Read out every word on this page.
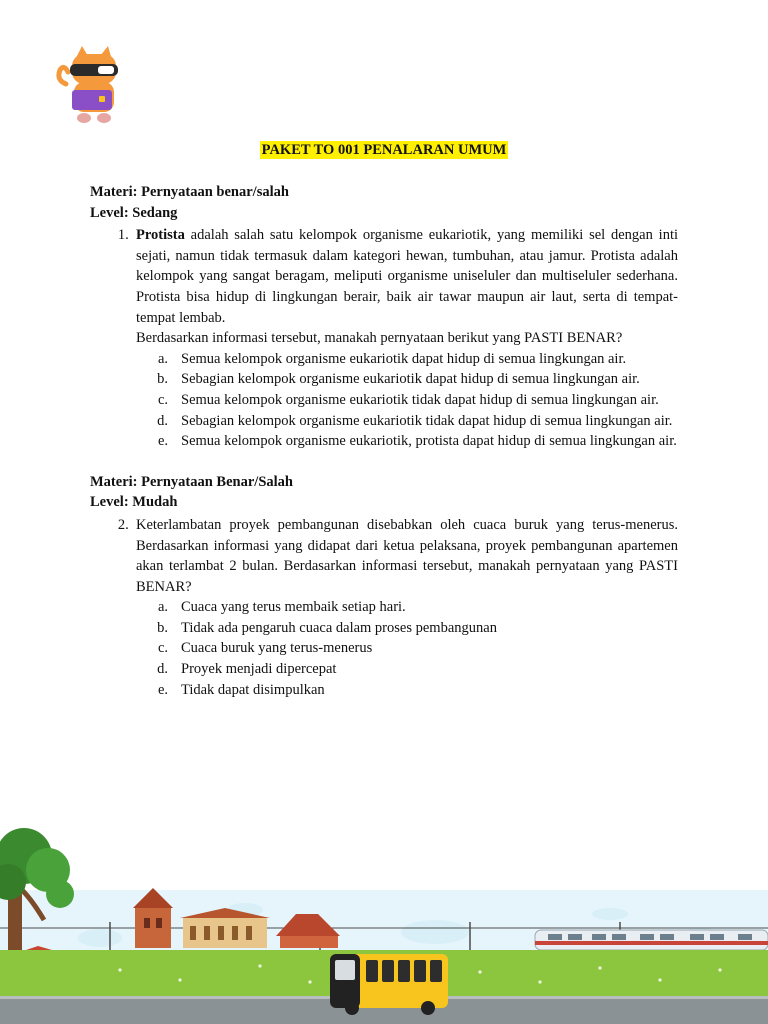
PAKET TO 001 PENALARAN UMUM
Materi: Pernyataan benar/salah
Level: Sedang
1. Protista adalah salah satu kelompok organisme eukariotik, yang memiliki sel dengan inti sejati, namun tidak termasuk dalam kategori hewan, tumbuhan, atau jamur. Protista adalah kelompok yang sangat beragam, meliputi organisme uniseluler dan multiseluler sederhana. Protista bisa hidup di lingkungan berair, baik air tawar maupun air laut, serta di tempat-tempat lembab.
Berdasarkan informasi tersebut, manakah pernyataan berikut yang PASTI BENAR?
a. Semua kelompok organisme eukariotik dapat hidup di semua lingkungan air.
b. Sebagian kelompok organisme eukariotik dapat hidup di semua lingkungan air.
c. Semua kelompok organisme eukariotik tidak dapat hidup di semua lingkungan air.
d. Sebagian kelompok organisme eukariotik tidak dapat hidup di semua lingkungan air.
e. Semua kelompok organisme eukariotik, protista dapat hidup di semua lingkungan air.
Materi: Pernyataan Benar/Salah
Level: Mudah
2. Keterlambatan proyek pembangunan disebabkan oleh cuaca buruk yang terus-menerus. Berdasarkan informasi yang didapat dari ketua pelaksana, proyek pembangunan apartemen akan terlambat 2 bulan. Berdasarkan informasi tersebut, manakah pernyataan yang PASTI BENAR?
a. Cuaca yang terus membaik setiap hari.
b. Tidak ada pengaruh cuaca dalam proses pembangunan
c. Cuaca buruk yang terus-menerus
d. Proyek menjadi dipercepat
e. Tidak dapat disimpulkan
